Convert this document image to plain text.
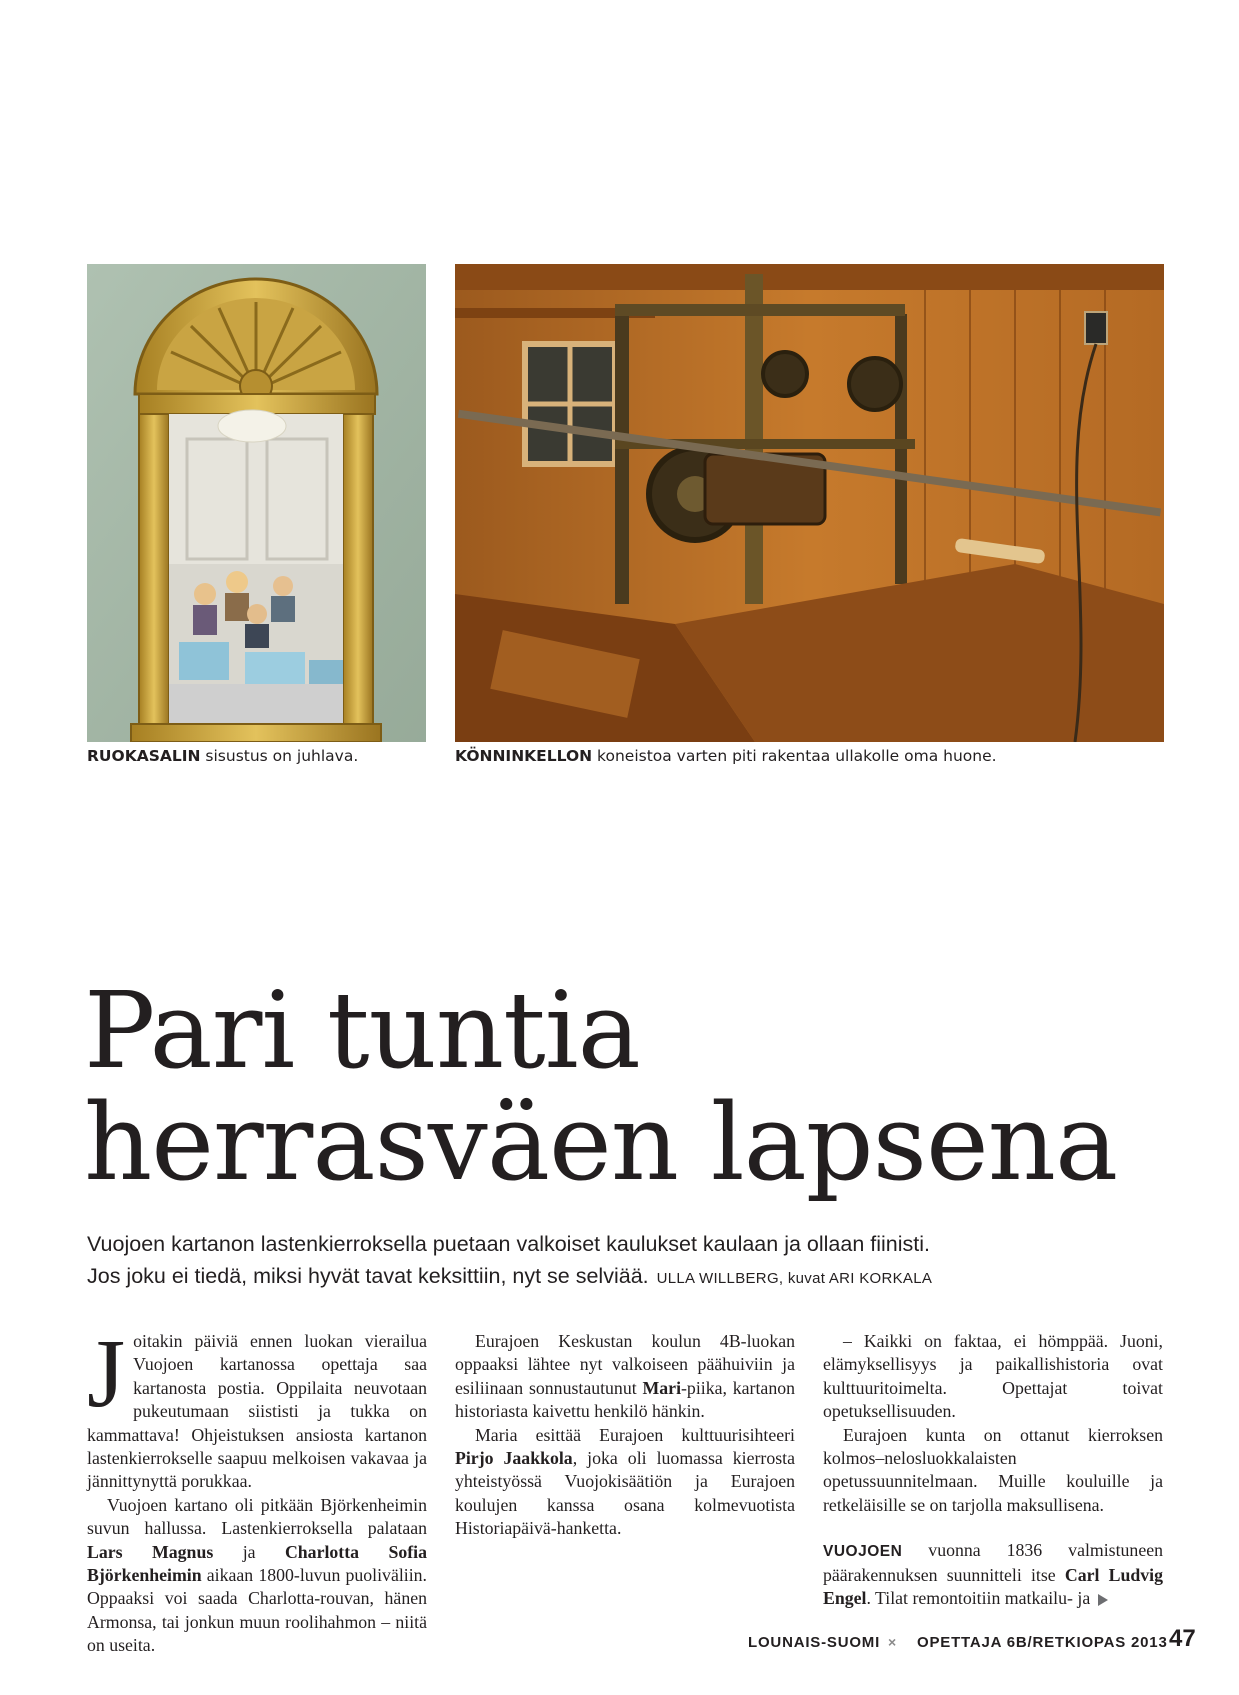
RUOKASALIN sisustus on juhlava.	KÖNNINKELLON koneistoa varten piti rakentaa ullakolle oma huone.
Pari tuntia
herrasväen lapsena
Vuojoen kartanon lastenkierroksella puetaan valkoiset kaulukset kaulaan ja ollaan fiinisti.
Jos joku ei tiedä, miksi hyvät tavat keksittiin, nyt se selviää. ULLA WILLBERG, kuvat ARI KORKALA

Joitakin päiviä ennen luokan vierailua Vuojoen kartanossa opettaja saa kartanosta postia. Oppilaita neuvotaan pukeutumaan siististi ja tukka on kammattava! Ohjeistuksen ansiosta kartanon lastenkierrokselle saapuu melkoisen vakavaa ja jännittynyttä porukkaa.

Vuojoen kartano oli pitkään Björkenheimin suvun hallussa. Lastenkierroksella palataan Lars Magnus ja Charlotta Sofia Björkenheimin aikaan 1800-luvun puoliväliin. Oppaaksi voi saada Charlotta-rouvan, hänen Armonsa, tai jonkun muun roolihahmon – niitä on useita.

Eurajoen Keskustan koulun 4B-luokan oppaaksi lähtee nyt valkoiseen päähuiviin ja esiliinaan sonnustautunut Mari-piika, kartanon historiasta kaivettu henkilö hänkin.

Maria esittää Eurajoen kulttuurisihteeri Pirjo Jaakkola, joka oli luomassa kierrosta yhteistyössä Vuojokisäätiön ja Eurajoen koulujen kanssa osana kolmevuotista Historiapäivä-hanketta.

– Kaikki on faktaa, ei hömppää. Juoni, elämyksellisyys ja paikallishistoria ovat kulttuuritoimelta. Opettajat toivat opetuksellisuuden.

Eurajoen kunta on ottanut kierroksen kolmos–nelosluokkalaisten opetussuunnitelmaan. Muille kouluille ja retkeläisille se on tarjolla maksullisena.

VUOJOEN vuonna 1836 valmistuneen päärakennuksen suunnitteli itse Carl Ludvig Engel. Tilat remontoitiin matkailu- ja

LOUNAIS-SUOMI × OPETTAJA 6B/RETKIOPAS 2013 47
